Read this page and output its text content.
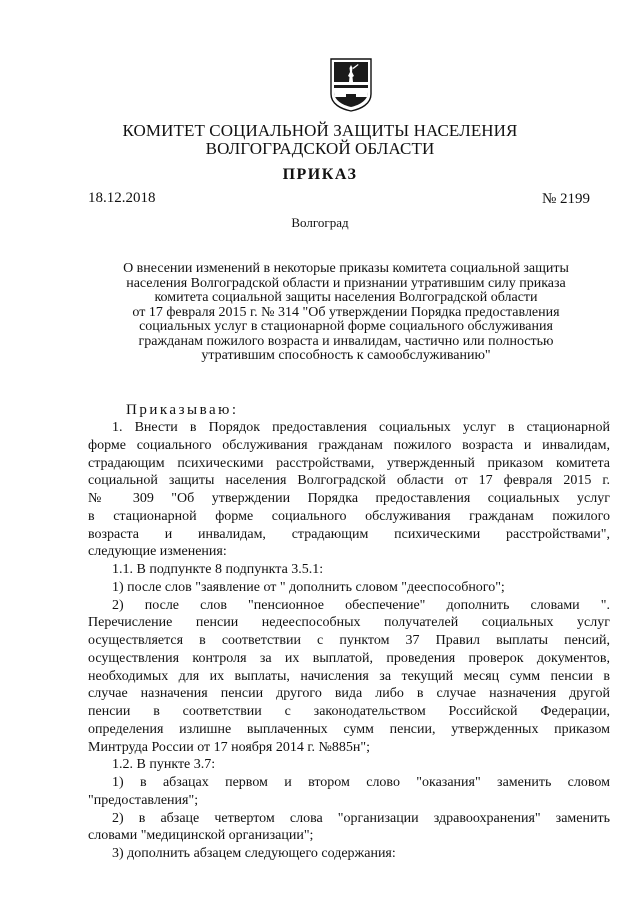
КОМИТЕТ СОЦИАЛЬНОЙ ЗАЩИТЫ НАСЕЛЕНИЯ
ВОЛГОГРАДСКОЙ ОБЛАСТИ
ПРИКАЗ
18.12.2018	№ 2199
Волгоград
О внесении изменений в некоторые приказы комитета социальной защиты
населения Волгоградской области и признании утратившим силу приказа
комитета социальной защиты населения Волгоградской области
от 17 февраля 2015 г. № 314 "Об утверждении Порядка предоставления
социальных услуг в стационарной форме социального обслуживания
гражданам пожилого возраста и инвалидам, частично или полностью
утратившим способность к самообслуживанию"
Приказываю:
1. Внести в Порядок предоставления социальных услуг в стационарной
форме социального обслуживания гражданам пожилого возраста и инвалидам,
страдающим психическими расстройствами, утвержденный приказом комитета
социальной защиты населения Волгоградской области от 17 февраля 2015 г.
№ 309 "Об утверждении Порядка предоставления социальных услуг
в стационарной форме социального обслуживания гражданам пожилого
возраста и инвалидам, страдающим психическими расстройствами",
следующие изменения:
1.1. В подпункте 8 подпункта 3.5.1:
1) после слов "заявление от " дополнить словом "дееспособного";
2) после слов "пенсионное обеспечение" дополнить словами ".
Перечисление пенсии недееспособных получателей социальных услуг
осуществляется в соответствии с пунктом 37 Правил выплаты пенсий,
осуществления контроля за их выплатой, проведения проверок документов,
необходимых для их выплаты, начисления за текущий месяц сумм пенсии в
случае назначения пенсии другого вида либо в случае назначения другой
пенсии в соответствии с законодательством Российской Федерации,
определения излишне выплаченных сумм пенсии, утвержденных приказом
Минтруда России от 17 ноября 2014 г. №885н";
1.2. В пункте 3.7:
1) в абзацах первом и втором слово "оказания" заменить словом
"предоставления";
2) в абзаце четвертом слова "организации здравоохранения" заменить
словами "медицинской организации";
3) дополнить абзацем следующего содержания:
